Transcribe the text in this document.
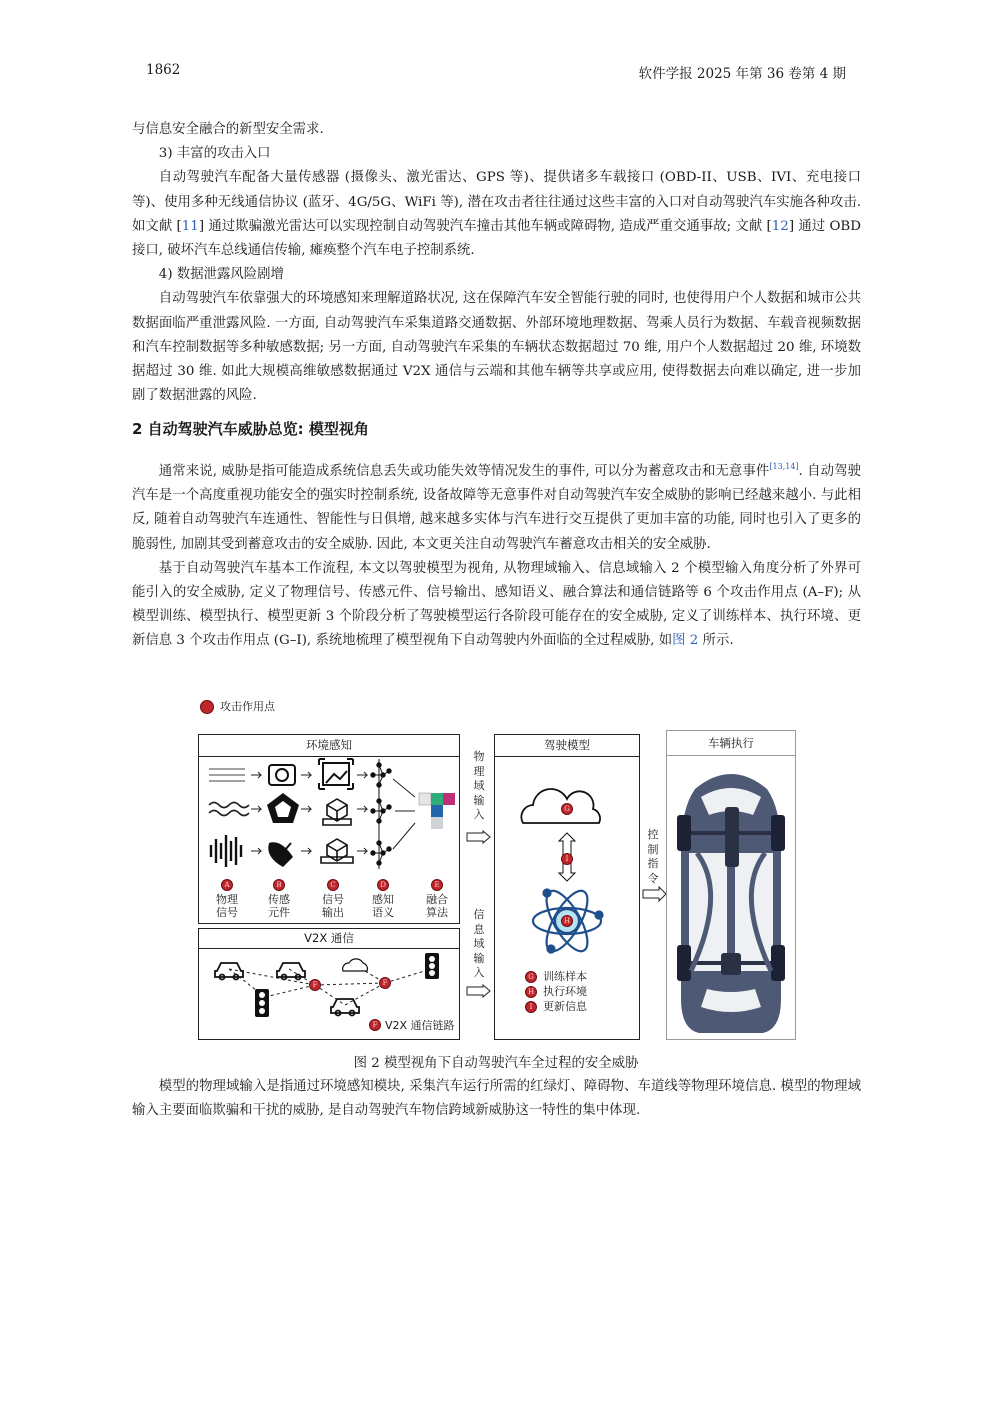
1862	软件学报 2025 年第 36 卷第 4 期

与信息安全融合的新型安全需求.

3) 丰富的攻击入口

自动驾驶汽车配备大量传感器 (摄像头、激光雷达、GPS 等)、提供诸多车载接口 (OBD-II、USB、IVI、充电接口等)、使用多种无线通信协议 (蓝牙、4G/5G、WiFi 等), 潜在攻击者往往通过这些丰富的入口对自动驾驶汽车实施各种攻击. 如文献 [11] 通过欺骗激光雷达可以实现控制自动驾驶汽车撞击其他车辆或障碍物, 造成严重交通事故; 文献 [12] 通过 OBD 接口, 破坏汽车总线通信传输, 瘫痪整个汽车电子控制系统.

4) 数据泄露风险剧增

自动驾驶汽车依靠强大的环境感知来理解道路状况, 这在保障汽车安全智能行驶的同时, 也使得用户个人数据和城市公共数据面临严重泄露风险. 一方面, 自动驾驶汽车采集道路交通数据、外部环境地理数据、驾乘人员行为数据、车载音视频数据和汽车控制数据等多种敏感数据; 另一方面, 自动驾驶汽车采集的车辆状态数据超过 70 维, 用户个人数据超过 20 维, 环境数据超过 30 维. 如此大规模高维敏感数据通过 V2X 通信与云端和其他车辆等共享或应用, 使得数据去向难以确定, 进一步加剧了数据泄露的风险.

2 自动驾驶汽车威胁总览: 模型视角

通常来说, 威胁是指可能造成系统信息丢失或功能失效等情况发生的事件, 可以分为蓄意攻击和无意事件[13,14]. 自动驾驶汽车是一个高度重视功能安全的强实时控制系统, 设备故障等无意事件对自动驾驶汽车安全威胁的影响已经越来越小. 与此相反, 随着自动驾驶汽车连通性、智能性与日俱增, 越来越多实体与汽车进行交互提供了更加丰富的功能, 同时也引入了更多的脆弱性, 加剧其受到蓄意攻击的安全威胁. 因此, 本文更关注自动驾驶汽车蓄意攻击相关的安全威胁.

基于自动驾驶汽车基本工作流程, 本文以驾驶模型为视角, 从物理域输入、信息域输入 2 个模型输入角度分析了外界可能引入的安全威胁, 定义了物理信号、传感元件、信号输出、感知语义、融合算法和通信链路等 6 个攻击作用点 (A–F); 从模型训练、模型执行、模型更新 3 个阶段分析了驾驶模型运行各阶段可能存在的安全威胁, 定义了训练样本、执行环境、更新信息 3 个攻击作用点 (G–I), 系统地梳理了模型视角下自动驾驶内外面临的全过程威胁, 如图 2 所示.

攻击作用点
环境感知
A	B	C	D	E
物理
信号
传感
元件
信号
输出
感知
语义
融合
算法
V2X 通信
F	F
F V2X 通信链路
物理域输入
信息域输入
驾驶模型
G
I
H
G 训练样本
H 执行环境
I 更新信息
控制指令
车辆执行
图 2 模型视角下自动驾驶汽车全过程的安全威胁

模型的物理域输入是指通过环境感知模块, 采集汽车运行所需的红绿灯、障碍物、车道线等物理环境信息. 模型的物理域输入主要面临欺骗和干扰的威胁, 是自动驾驶汽车物信跨域新威胁这一特性的集中体现.
